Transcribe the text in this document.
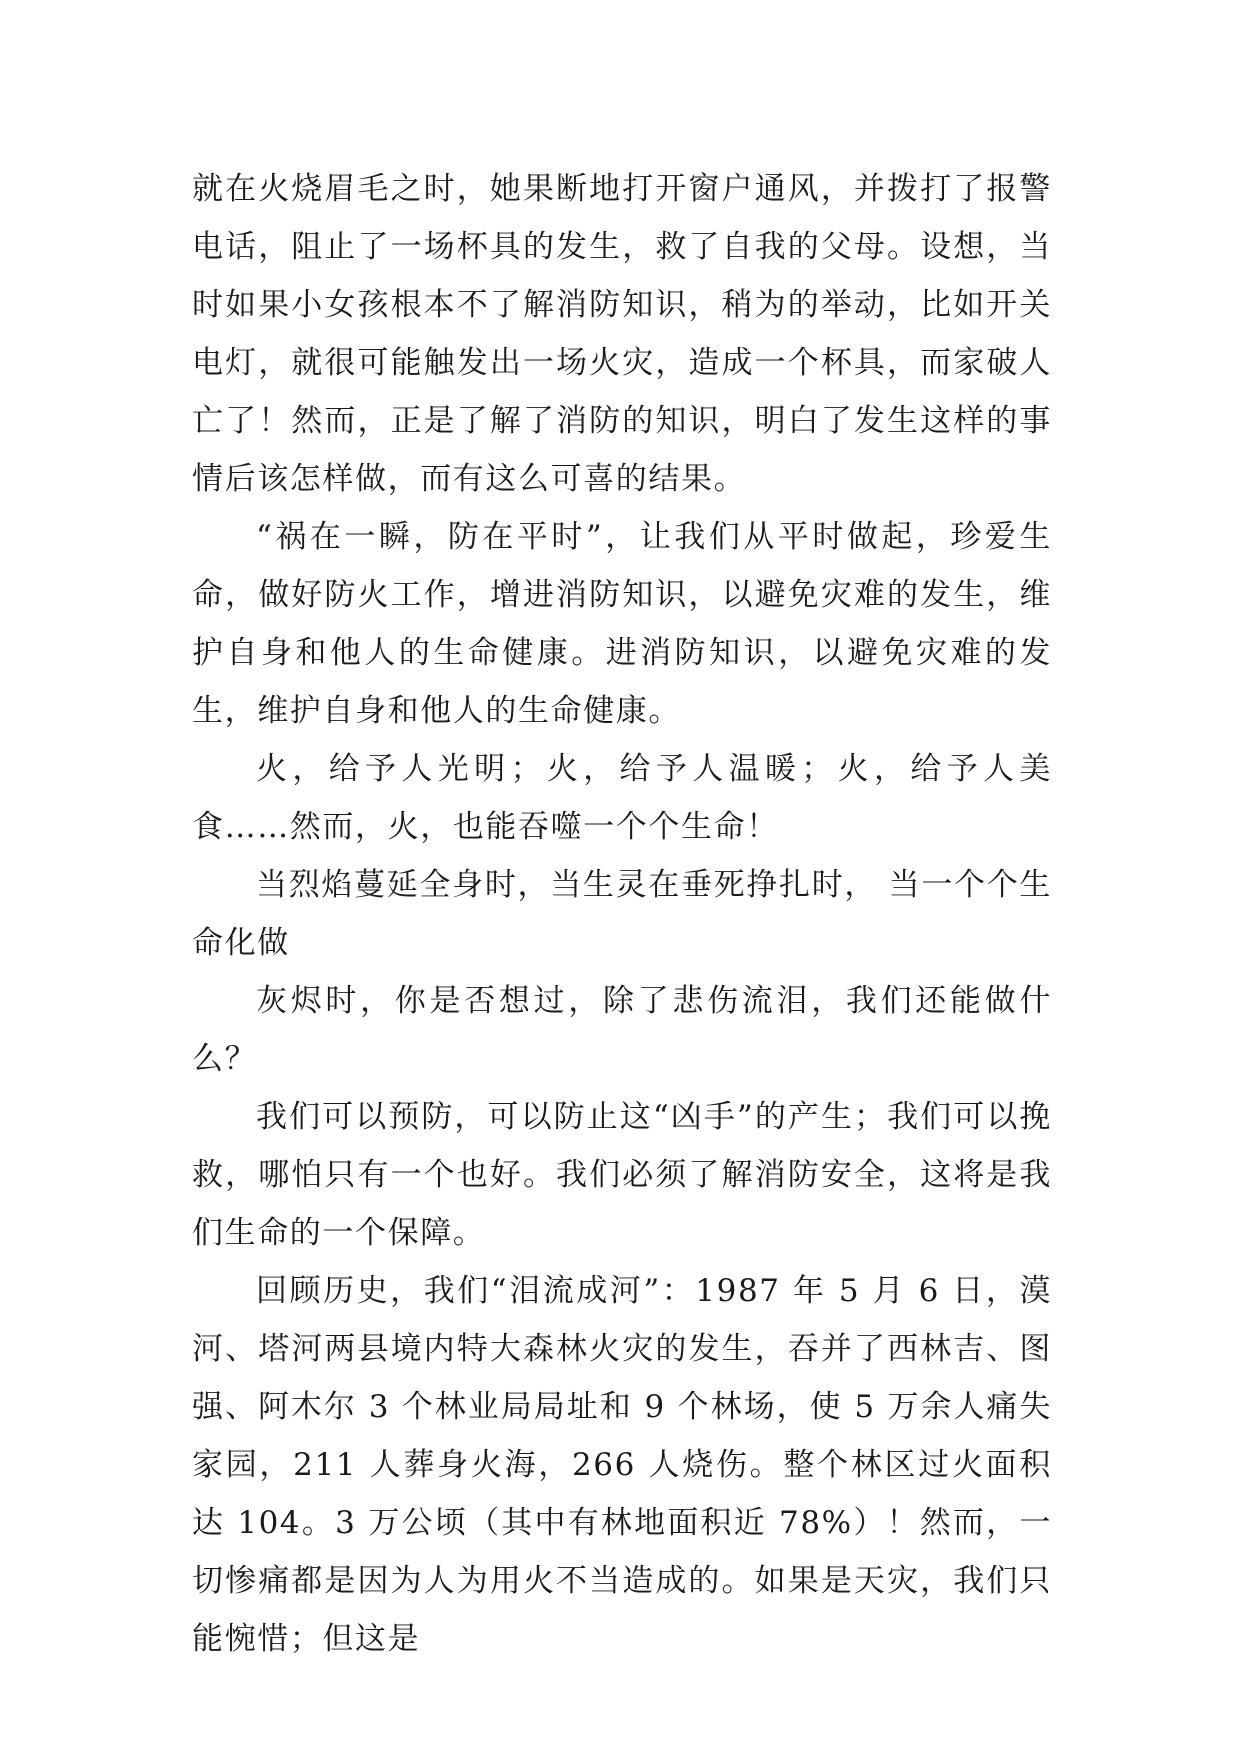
就在火烧眉毛之时，她果断地打开窗户通风，并拨打了报警电话，阻止了一场杯具的发生，救了自我的父母。设想，当时如果小女孩根本不了解消防知识，稍为的举动，比如开关电灯，就很可能触发出一场火灾，造成一个杯具，而家破人亡了！然而，正是了解了消防的知识，明白了发生这样的事情后该怎样做，而有这么可喜的结果。

“祸在一瞬，防在平时”，让我们从平时做起，珍爱生命，做好防火工作，增进消防知识，以避免灾难的发生，维护自身和他人的生命健康。进消防知识，以避免灾难的发生，维护自身和他人的生命健康。

火，给予人光明；火，给予人温暖；火，给予人美食……然而，火，也能吞噬一个个生命！

当烈焰蔓延全身时，当生灵在垂死挣扎时， 当一个个生命化做

灰烬时，你是否想过，除了悲伤流泪，我们还能做什么？

我们可以预防，可以防止这“凶手”的产生；我们可以挽救，哪怕只有一个也好。我们必须了解消防安全，这将是我们生命的一个保障。

回顾历史，我们“泪流成河”：1987 年 5 月 6 日，漠河、塔河两县境内特大森林火灾的发生，吞并了西林吉、图强、阿木尔 3 个林业局局址和 9 个林场，使 5 万余人痛失家园，211 人葬身火海，266 人烧伤。整个林区过火面积达 104。3 万公顷（其中有林地面积近 78%）！然而，一切惨痛都是因为人为用火不当造成的。如果是天灾，我们只能惋惜；但这是
